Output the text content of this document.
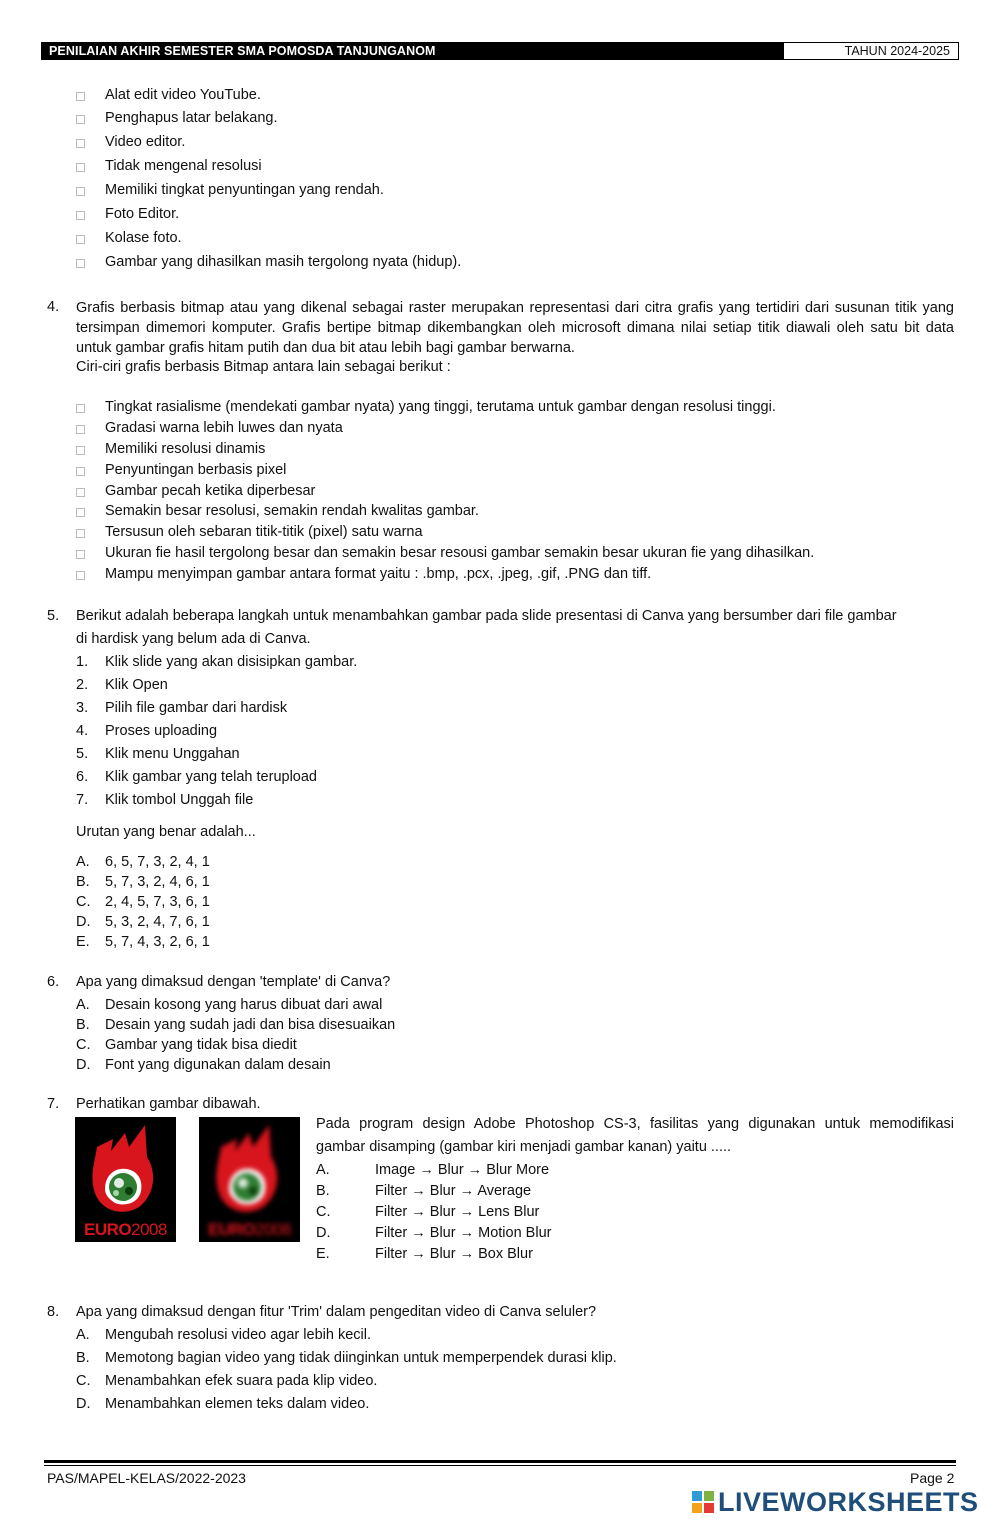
PENILAIAN AKHIR SEMESTER SMA POMOSDA TANJUNGANOM	TAHUN 2024-2025
Alat edit video YouTube.
Penghapus latar belakang.
Video editor.
Tidak mengenal resolusi
Memiliki tingkat penyuntingan yang rendah.
Foto Editor.
Kolase foto.
Gambar yang dihasilkan masih tergolong nyata (hidup).
4. Grafis berbasis bitmap atau yang dikenal sebagai raster merupakan representasi dari citra grafis yang tertidiri dari susunan titik yang tersimpan dimemori komputer. Grafis bertipe bitmap dikembangkan oleh microsoft dimana nilai setiap titik diawali oleh satu bit data untuk gambar grafis hitam putih dan dua bit atau lebih bagi gambar berwarna.
Ciri-ciri grafis berbasis Bitmap antara lain sebagai berikut :
Tingkat rasialisme (mendekati gambar nyata) yang tinggi, terutama untuk gambar dengan resolusi tinggi.
Gradasi warna lebih luwes dan nyata
Memiliki resolusi dinamis
Penyuntingan berbasis pixel
Gambar pecah ketika diperbesar
Semakin besar resolusi, semakin rendah kwalitas gambar.
Tersusun oleh sebaran titik-titik (pixel) satu warna
Ukuran fie hasil tergolong besar dan semakin besar resousi gambar semakin besar ukuran fie yang dihasilkan.
Mampu menyimpan gambar antara format yaitu : .bmp, .pcx, .jpeg, .gif, .PNG dan tiff.
5. Berikut adalah beberapa langkah untuk menambahkan gambar pada slide presentasi di Canva yang bersumber dari file gambar
di hardisk yang belum ada di Canva.
1. Klik slide yang akan disisipkan gambar.
2. Klik Open
3. Pilih file gambar dari hardisk
4. Proses uploading
5. Klik menu Unggahan
6. Klik gambar yang telah terupload
7. Klik tombol Unggah file
Urutan yang benar adalah...
A. 6, 5, 7, 3, 2, 4, 1
B. 5, 7, 3, 2, 4, 6, 1
C. 2, 4, 5, 7, 3, 6, 1
D. 5, 3, 2, 4, 7, 6, 1
E. 5, 7, 4, 3, 2, 6, 1
6. Apa yang dimaksud dengan 'template' di Canva?
A. Desain kosong yang harus dibuat dari awal
B. Desain yang sudah jadi dan bisa disesuaikan
C. Gambar yang tidak bisa diedit
D. Font yang digunakan dalam desain
7. Perhatikan gambar dibawah.
EURO2008	EURO2008
Pada program design Adobe Photoshop CS-3, fasilitas yang digunakan untuk memodifikasi gambar disamping (gambar kiri menjadi gambar kanan) yaitu .....
A.	Image → Blur → Blur More
B.	Filter → Blur → Average
C.	Filter → Blur → Lens Blur
D.	Filter → Blur → Motion Blur
E.	Filter → Blur → Box Blur
8. Apa yang dimaksud dengan fitur 'Trim' dalam pengeditan video di Canva seluler?
A. Mengubah resolusi video agar lebih kecil.
B. Memotong bagian video yang tidak diinginkan untuk memperpendek durasi klip.
C. Menambahkan efek suara pada klip video.
D. Menambahkan elemen teks dalam video.
PAS/MAPEL-KELAS/2022-2023	Page 2
LIVEWORKSHEETS
